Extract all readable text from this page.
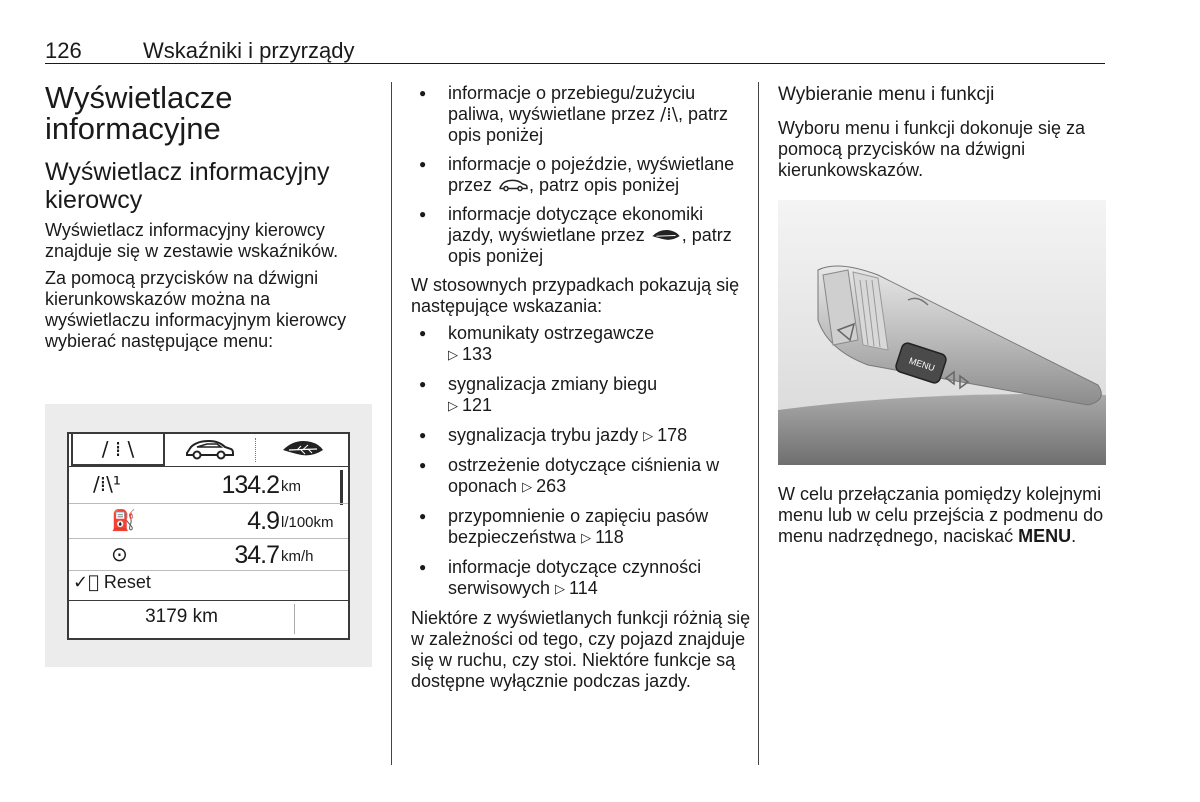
126	Wskaźniki i przyrządy
Wyświetlacze informacyjne
Wyświetlacz informacyjny kierowcy

Wyświetlacz informacyjny kierowcy znajduje się w zestawie wskaźników.

Za pomocą przycisków na dźwigni kierunkowskazów można na wyświetlaczu informacyjnym kierowcy wybierać następujące menu:

/ ⁞ \
/⁞\¹	134.2 km
⛽	4.9 l/100km
⊙	34.7 km/h
✓⃝ Reset
3179 km
● informacje o przebiegu/zużyciu paliwa, wyświetlane przez /⁞\, patrz opis poniżej
● informacje o pojeździe, wyświetlane przez , patrz opis poniżej
● informacje dotyczące ekonomiki jazdy, wyświetlane przez , patrz opis poniżej

W stosownych przypadkach pokazują się następujące wskazania:

● komunikaty ostrzegawcze
▷ 133
● sygnalizacja zmiany biegu
▷ 121
● sygnalizacja trybu jazdy ▷ 178
● ostrzeżenie dotyczące ciśnienia w oponach ▷ 263
● przypomnienie o zapięciu pasów bezpieczeństwa ▷ 118
● informacje dotyczące czynności serwisowych ▷ 114

Niektóre z wyświetlanych funkcji różnią się w zależności od tego, czy pojazd znajduje się w ruchu, czy stoi. Niektóre funkcje są dostępne wyłącznie podczas jazdy.

Wybieranie menu i funkcji

Wyboru menu i funkcji dokonuje się za pomocą przycisków na dźwigni kierunkowskazów.

MENU

W celu przełączania pomiędzy kolejnymi menu lub w celu przejścia z podmenu do menu nadrzędnego, naciskać MENU.
